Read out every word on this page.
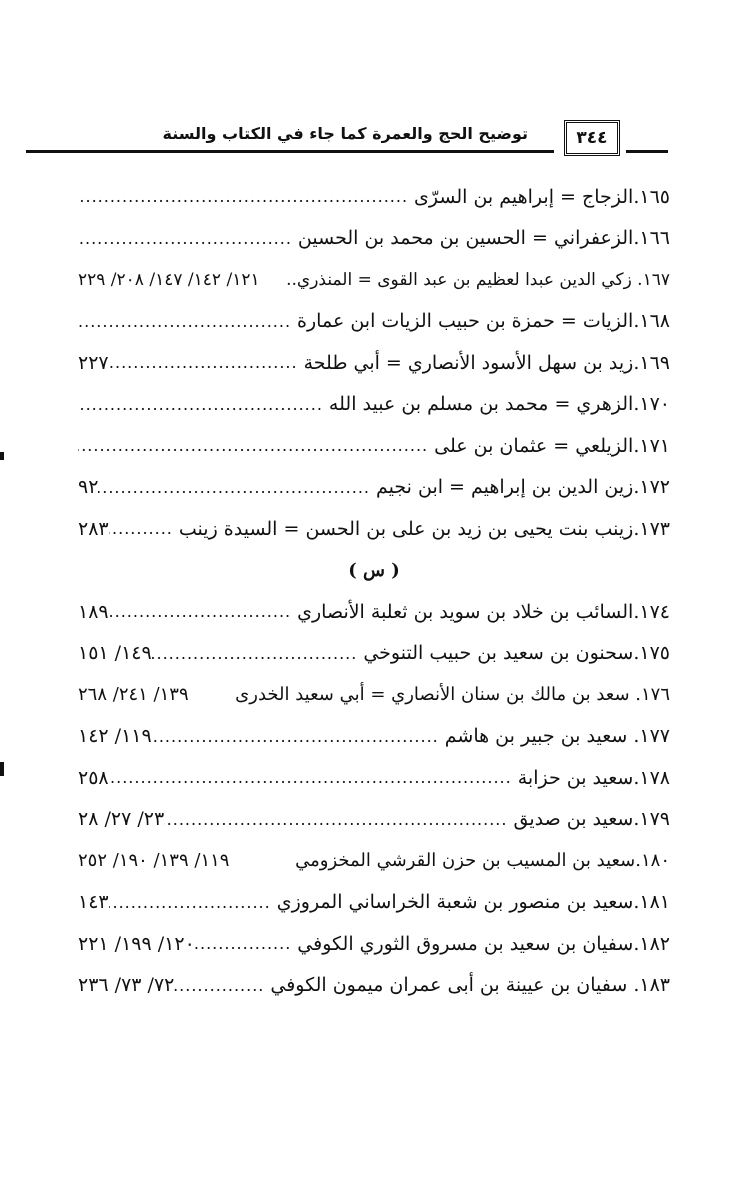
توضيح الحج والعمرة كما جاء في الكتاب والسنة	٣٤٤
١٦٥.الزجاج = إبراهيم بن السرّى
.....
١٦٦.الزعفراني = الحسين بن محمد بن الحسين
.....
١٦٧. زكي الدين عبدا لعظيم بن عبد القوى = المنذري..
١٢١/ ١٤٢/ ١٤٧/ ٢٠٨/ ٢٢٩
١٦٨.الزيات = حمزة بن حبيب الزيات ابن عمارة
.....
١٦٩.زيد بن سهل الأسود الأنصاري = أبي طلحة
.....
٢٢٧
١٧٠.الزهري = محمد بن مسلم بن عبيد الله
.....
١٧١.الزيلعي = عثمان بن على
.....
١٧٢.زين الدين بن إبراهيم = ابن نجيم
.....
٩٢
١٧٣.زينب بنت يحيى بن زيد بن على بن الحسن = السيدة زينب
.....
٢٨٣
( س )
١٧٤.السائب بن خلاد بن سويد بن ثعلبة الأنصاري
.....
١٨٩
١٧٥.سحنون بن سعيد بن حبيب التنوخي
.....
١٤٩/ ١٥١
١٧٦. سعد بن مالك بن سنان الأنصاري = أبي سعيد الخدرى
١٣٩/ ٢٤١/ ٢٦٨
١٧٧. سعيد بن جبير بن هاشم
.....
١١٩/ ١٤٢
١٧٨.سعيد بن حزابة
.....
٢٥٨
١٧٩.سعيد بن صديق
.....
٢٣/ ٢٧/ ٢٨
١٨٠.سعيد بن المسيب بن حزن القرشي المخزومي
١١٩/ ١٣٩/ ١٩٠/ ٢٥٢
١٨١.سعيد بن منصور بن شعبة الخراساني المروزي
.....
١٤٣
١٨٢.سفيان بن سعيد بن مسروق الثوري الكوفي
.....
١٢٠/ ١٩٩/ ٢٢١
١٨٣. سفيان بن عيينة بن أبى عمران ميمون الكوفي
.....
٧٢/ ٧٣/ ٢٣٦
